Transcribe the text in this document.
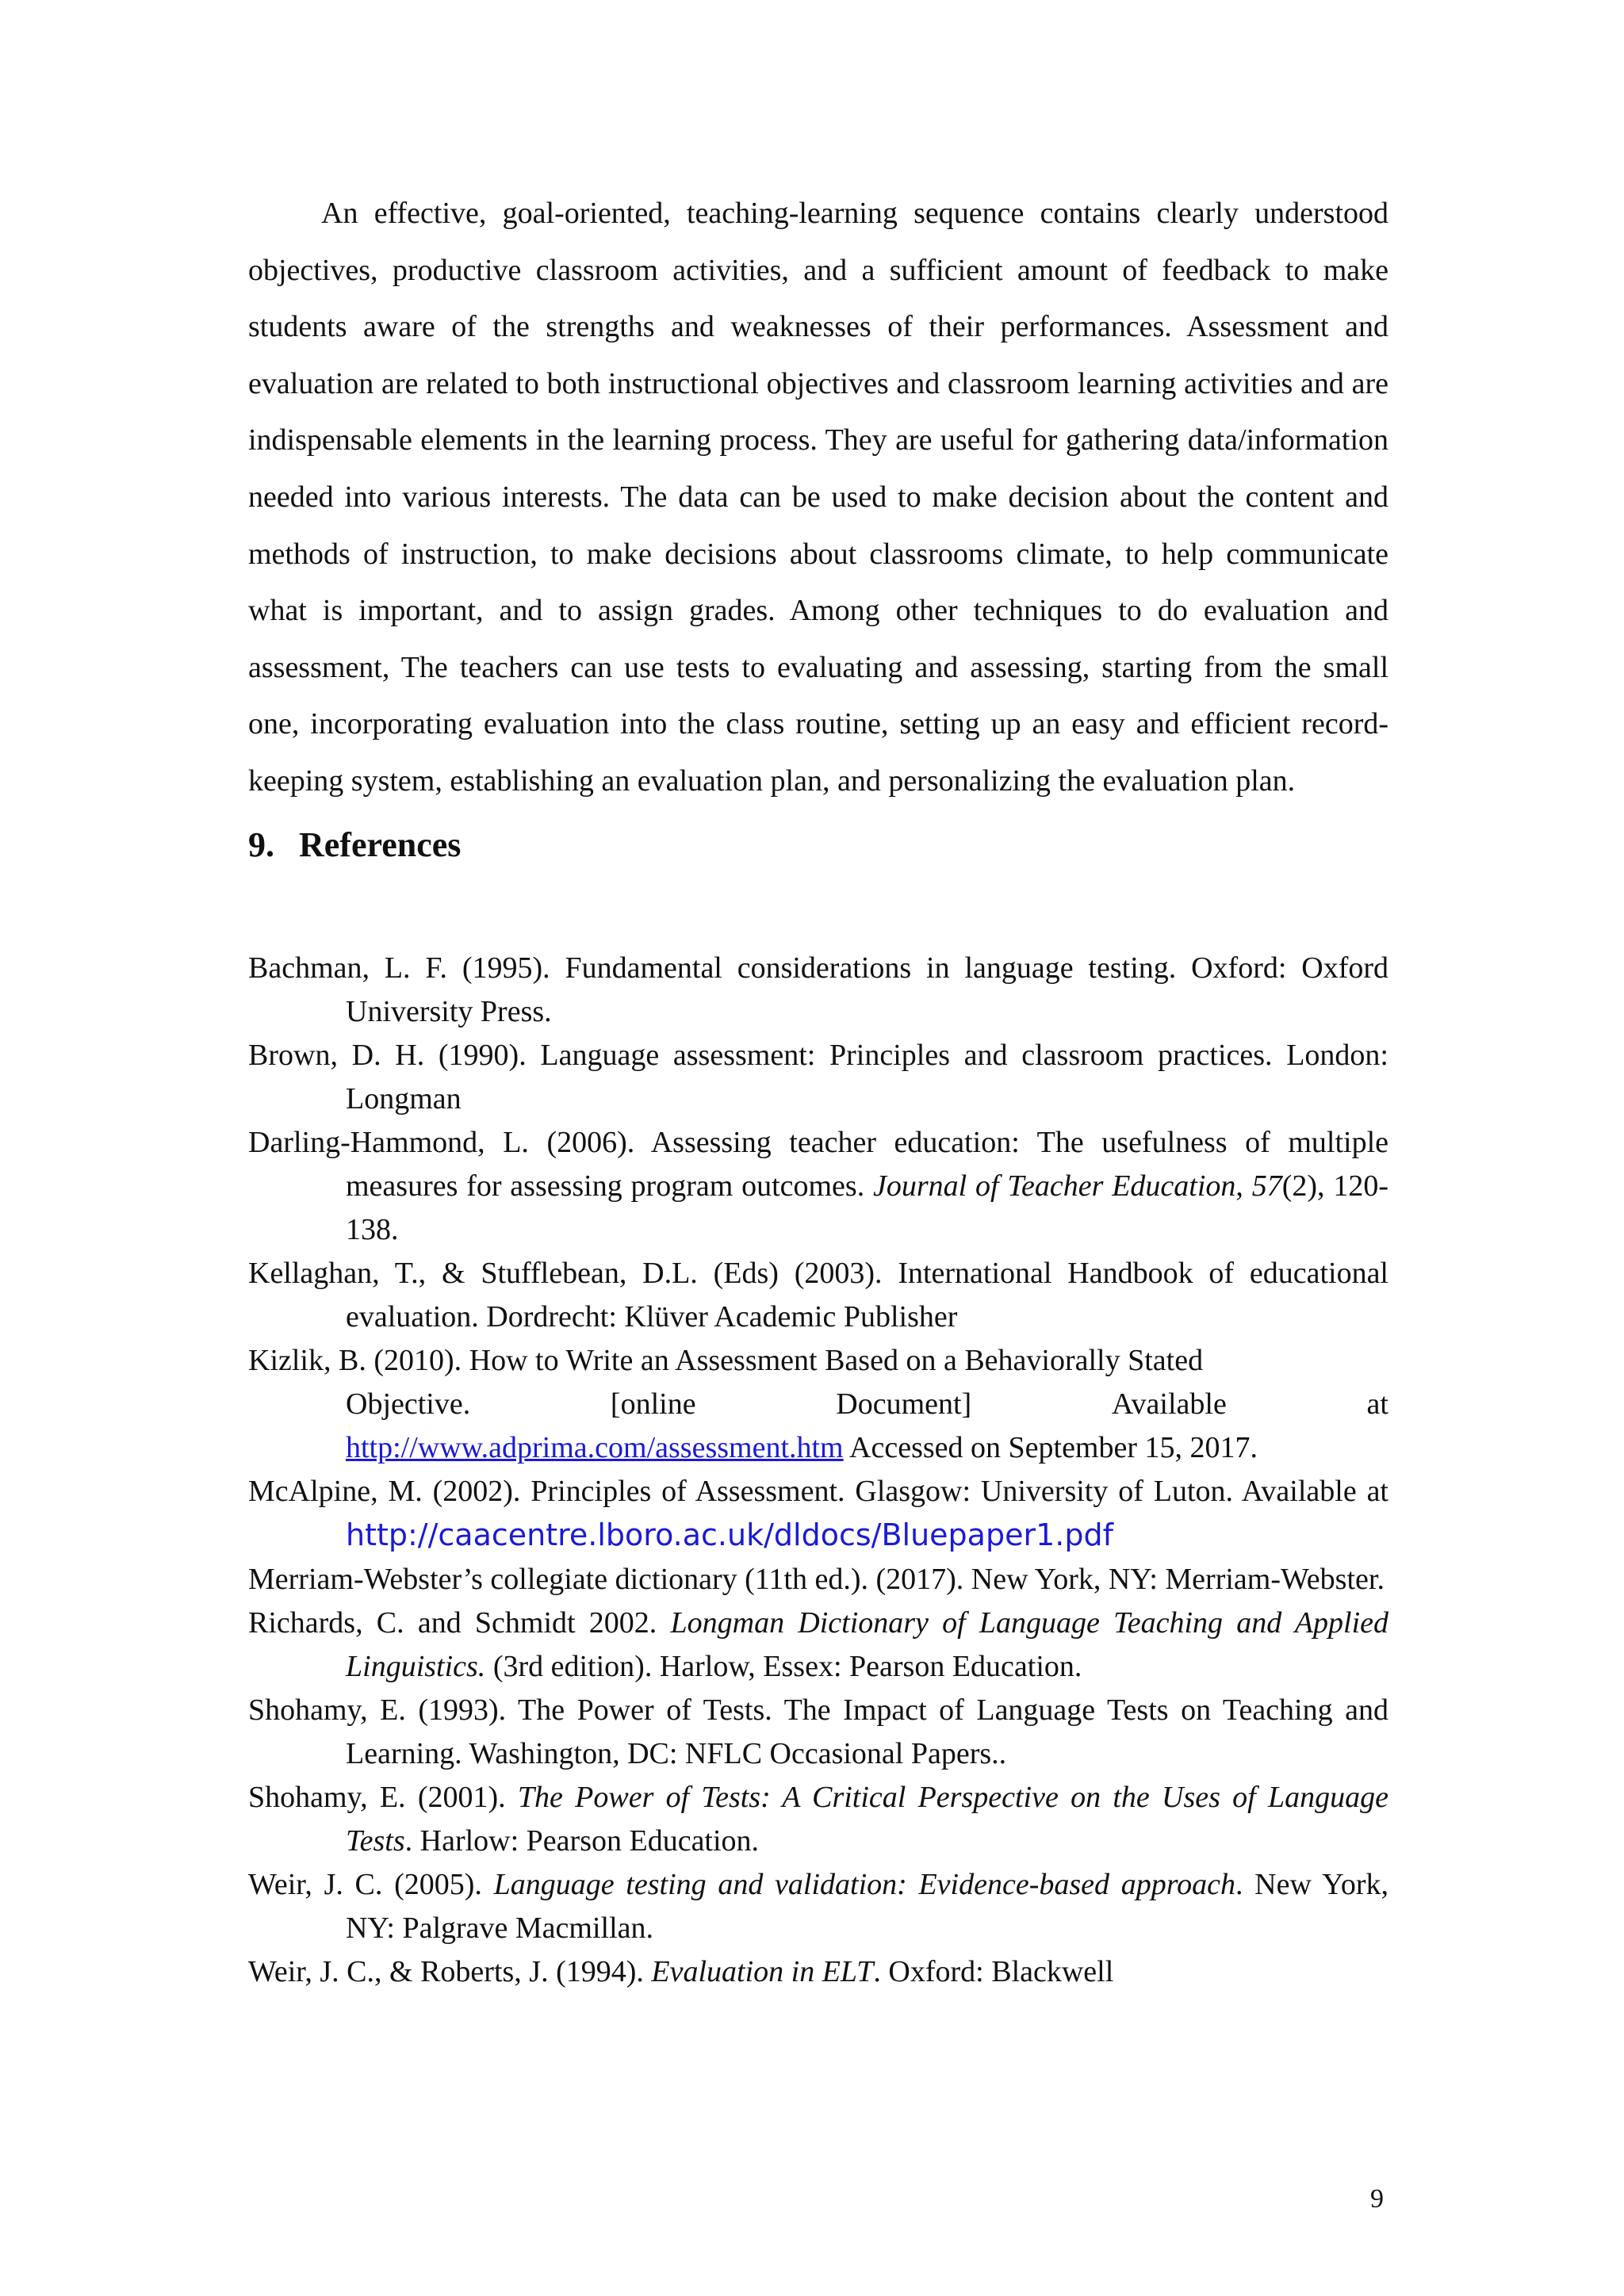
An effective, goal-oriented, teaching-learning sequence contains clearly understood objectives, productive classroom activities, and a sufficient amount of feedback to make students aware of the strengths and weaknesses of their performances. Assessment and evaluation are related to both instructional objectives and classroom learning activities and are indispensable elements in the learning process. They are useful for gathering data/information needed into various interests. The data can be used to make decision about the content and methods of instruction, to make decisions about classrooms climate, to help communicate what is important, and to assign grades. Among other techniques to do evaluation and assessment, The teachers can use tests to evaluating and assessing, starting from the small one, incorporating evaluation into the class routine, setting up an easy and efficient record-keeping system, establishing an evaluation plan, and personalizing the evaluation plan.

9. References

Bachman, L. F. (1995). Fundamental considerations in language testing. Oxford: Oxford University Press.

Brown, D. H. (1990). Language assessment: Principles and classroom practices. London: Longman

Darling-Hammond, L. (2006). Assessing teacher education: The usefulness of multiple measures for assessing program outcomes. Journal of Teacher Education, 57(2), 120-138.

Kellaghan, T., & Stufflebean, D.L. (Eds) (2003). International Handbook of educational evaluation. Dordrecht: Klüver Academic Publisher

Kizlik, B. (2010). How to Write an Assessment Based on a Behaviorally Stated
Objective.	[online	Document]	Available	at
http://www.adprima.com/assessment.htm Accessed on September 15, 2017.

McAlpine, M. (2002). Principles of Assessment. Glasgow: University of Luton. Available at http://caacentre.lboro.ac.uk/dldocs/Bluepaper1.pdf

Merriam-Webster’s collegiate dictionary (11th ed.). (2017). New York, NY: Merriam-Webster.

Richards, C. and Schmidt 2002. Longman Dictionary of Language Teaching and Applied Linguistics. (3rd edition). Harlow, Essex: Pearson Education.

Shohamy, E. (1993). The Power of Tests. The Impact of Language Tests on Teaching and Learning. Washington, DC: NFLC Occasional Papers..

Shohamy, E. (2001). The Power of Tests: A Critical Perspective on the Uses of Language Tests. Harlow: Pearson Education.

Weir, J. C. (2005). Language testing and validation: Evidence-based approach. New York, NY: Palgrave Macmillan.

Weir, J. C., & Roberts, J. (1994). Evaluation in ELT. Oxford: Blackwell

9
